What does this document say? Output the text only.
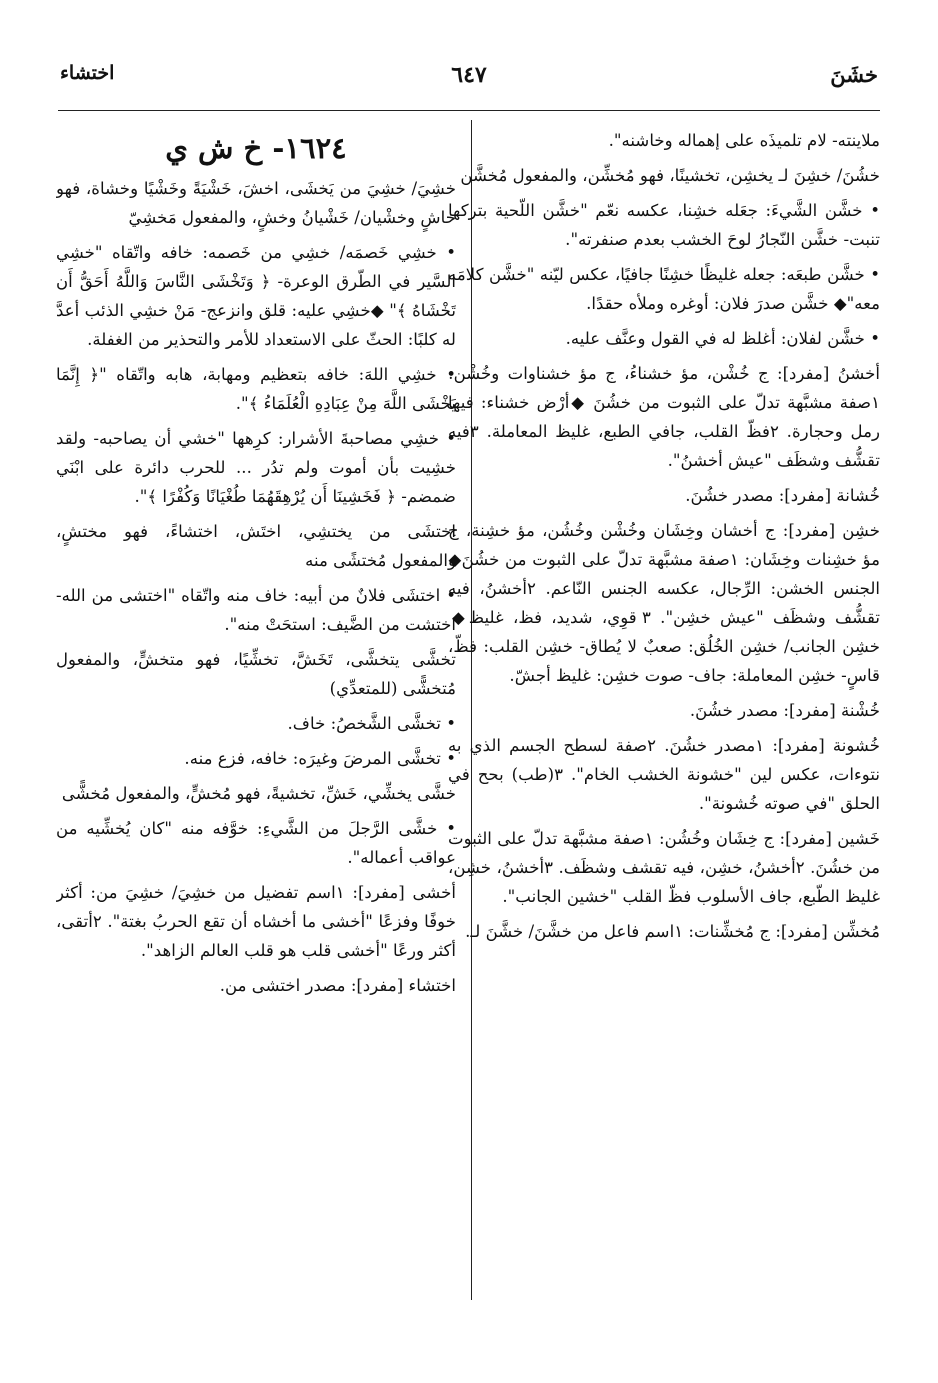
خشَنَ
٦٤٧
اختشاء

ملاينته- لام تلميذَه على إهماله وخاشنه".

خشُنَ/ خشِنَ لـ يخشِن، تخشينًا، فهو مُخشِّن، والمفعول مُخشَّن

• خشَّن الشَّيءَ: جعَله خشِنا، عكسه نعّم "خشَّن اللّحية بتركها تنبت- خشَّن النّجارُ لوحَ الخشب بعدم صنفرته".

• خشَّن طبعَه: جعله غليظًا خشِنًا جافيًا، عكس ليّنه "خشَّن كلامَه معه"◆ خشَّن صدرَ فلان: أوغره وملأه حقدًا.

• خشَّن لفلان: أغلظ له في القول وعنَّف عليه.

أخشنُ [مفرد]: ج خُشْن، مؤ خشناءُ، ج مؤ خشناوات وخُشْن: ١صفة مشبَّهة تدلّ على الثبوت من خشُنَ ◆أرْض خشناء: فيها رمل وحجارة. ٢فظّ القلب، جافي الطبع، غليظ المعاملة. ٣فيه تقشُّف وشظَف "عيش أخشنُ".

خُشانة [مفرد]: مصدر خشُنَ.

خشِن [مفرد]: ج أخشان وخِشَان وخُشْن وخُشُن، مؤ خشِنة، ج مؤ خشِنات وخِشَان: ١صفة مشبَّهة تدلّ على الثبوت من خشُنَ◆ الجنس الخشن: الرِّجال، عكسه الجنس النّاعم. ٢أخشنُ، فيه تقشُّف وشظَف "عيش خشِن". ٣ قوِي، شديد، فظ، غليظ◆ خشِن الجانب/ خشِن الخُلُق: صعبٌ لا يُطاق- خشِن القلب: فظّ، قاسٍ- خشِن المعاملة: جاف- صوت خشِن: غليظ أجشّ.

خُشْنة [مفرد]: مصدر خشُنَ.

خُشونة [مفرد]: ١مصدر خشُنَ. ٢صفة لسطح الجسم الذي به نتوءات، عكس لين "خشونة الخشب الخام". ٣(طب) بحح في الحلق "في صوته خُشونة".

خَشين [مفرد]: ج خِشَان وخُشُن: ١صفة مشبَّهة تدلّ على الثبوت من خشُنَ. ٢أخشنُ، خشِن، فيه تقشف وشظَف. ٣أخشنُ، خشِن، غليظ الطّبع، جاف الأسلوب فظّ القلب "خشين الجانب".

مُخشِّن [مفرد]: ج مُخشِّنات: ١اسم فاعل من خشَّنَ/ خشَّنَ لـ.

١٦٢٤- خ ش ي

خشِيَ/ خشِيَ من يَخشَى، اخشَ، خَشْيَةً وخَشْيًا وخشاة، فهو خاشٍ وخشْيان/ خَشْيانُ وخشٍ، والمفعول مَخشِيّ

• خشِي خَصمَه/ خشِي من خَصمه: خافه واتّقاه "خشِي السَّير في الطّرق الوعرة- ﴿ وَتَخْشَى النَّاسَ وَاللَّهُ أَحَقُّ أَن تَخْشَاهُ ﴾" ◆خشِي عليه: قلق وانزعج- مَنْ خشِي الذئب أعدَّ له كلبًا: الحثّ على الاستعداد للأمر والتحذير من الغفلة.

• خشِي اللهَ: خافه بتعظيم ومهابة، هابه واتّقاه "﴿ إِنَّمَا يَخْشَى اللَّهَ مِنْ عِبَادِهِ الْعُلَمَاءُ ﴾".

• خشِي مصاحبةَ الأشرار: كرِهها "خشي أن يصاحبه- ولقد خشِيت بأن أموت ولم تدُر ... للحرب دائرة على ابْنَي ضمضم- ﴿ فَخَشِينَا أَن يُرْهِقَهُمَا طُغْيَانًا وَكُفْرًا ﴾".

اختشَى من يختشِي، اختَش، اختشاءً، فهو مختشٍ، والمفعول مُختشًى منه

• اختشَى فلانٌ من أبيه: خاف منه واتّقاه "اختشى من الله- اختشت من الضَّيف: استحَتْ منه".

تخشَّى يتخشَّى، تَخَشَّ، تخشِّيًا، فهو متخشٍّ، والمفعول مُتخشًّى (للمتعدِّي)

• تخشَّى الشَّخصُ: خاف.

• تخشَّى المرضَ وغيرَه: خافه، فزع منه.

خشَّى يخشِّي، خَشِّ، تخشيةً، فهو مُخشٍّ، والمفعول مُخشًّى

• خشَّى الرَّجلَ من الشَّيءِ: خوَّفه منه "كان يُخشِّيه من عواقب أعماله".

أخشى [مفرد]: ١اسم تفضيل من خشِيَ/ خشِيَ من: أكثر خوفًا وفزعًا "أخشى ما أخشاه أن تقع الحربُ بغتة". ٢أتقى، أكثر ورعًا "أخشى قلب هو قلب العالم الزاهد".

اختشاء [مفرد]: مصدر اختشى من.
